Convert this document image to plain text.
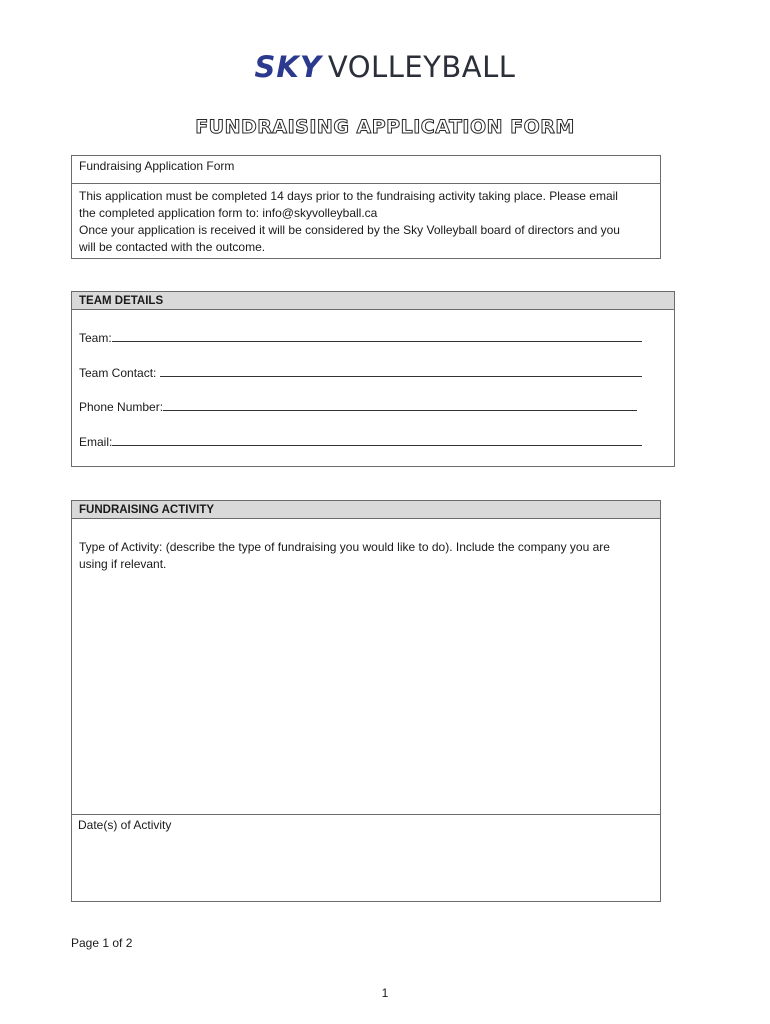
SKY VOLLEYBALL
FUNDRAISING APPLICATION FORM
Fundraising Application Form
This application must be completed 14 days prior to the fundraising activity taking place. Please email
the completed application form to: info@skyvolleyball.ca
Once your application is received it will be considered by the Sky Volleyball board of directors and you
will be contacted with the outcome.
TEAM DETAILS
Team:
Team Contact:
Phone Number:
Email:
FUNDRAISING ACTIVITY
Type of Activity: (describe the type of fundraising you would like to do). Include the company you are
using if relevant.
Date(s) of Activity
Page 1 of 2
1
